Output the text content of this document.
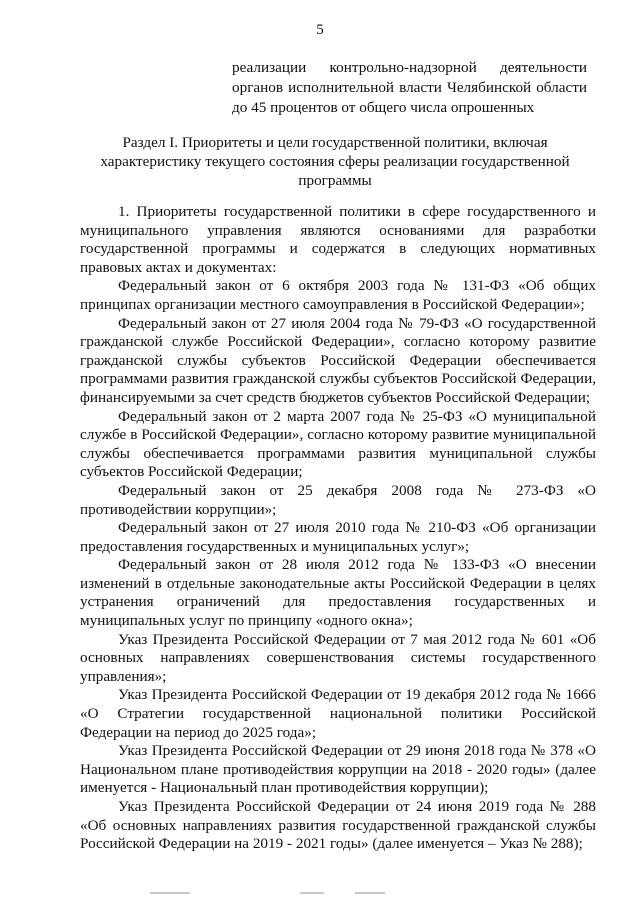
5
реализации контрольно-надзорной деятельности
органов исполнительной власти Челябинской области
до 45 процентов от общего числа опрошенных
Раздел I. Приоритеты и цели государственной политики, включая характеристику текущего состояния сферы реализации государственной программы

1. Приоритеты государственной политики в сфере государственного и муниципального управления являются основаниями для разработки государственной программы и содержатся в следующих нормативных правовых актах и документах:

Федеральный закон от 6 октября 2003 года № 131-ФЗ «Об общих принципах организации местного самоуправления в Российской Федерации»;

Федеральный закон от 27 июля 2004 года № 79-ФЗ «О государственной гражданской службе Российской Федерации», согласно которому развитие гражданской службы субъектов Российской Федерации обеспечивается программами развития гражданской службы субъектов Российской Федерации, финансируемыми за счет средств бюджетов субъектов Российской Федерации;

Федеральный закон от 2 марта 2007 года № 25-ФЗ «О муниципальной службе в Российской Федерации», согласно которому развитие муниципальной службы обеспечивается программами развития муниципальной службы субъектов Российской Федерации;

Федеральный закон от 25 декабря 2008 года № 273-ФЗ «О противодействии коррупции»;

Федеральный закон от 27 июля 2010 года № 210-ФЗ «Об организации предоставления государственных и муниципальных услуг»;

Федеральный закон от 28 июля 2012 года № 133-ФЗ «О внесении изменений в отдельные законодательные акты Российской Федерации в целях устранения ограничений для предоставления государственных и муниципальных услуг по принципу «одного окна»;

Указ Президента Российской Федерации от 7 мая 2012 года № 601 «Об основных направлениях совершенствования системы государственного управления»;

Указ Президента Российской Федерации от 19 декабря 2012 года № 1666 «О Стратегии государственной национальной политики Российской Федерации на период до 2025 года»;

Указ Президента Российской Федерации от 29 июня 2018 года № 378 «О Национальном плане противодействия коррупции на 2018 - 2020 годы» (далее именуется - Национальный план противодействия коррупции);

Указ Президента Российской Федерации от 24 июня 2019 года № 288 «Об основных направлениях развития государственной гражданской службы Российской Федерации на 2019 - 2021 годы» (далее именуется – Указ № 288);
